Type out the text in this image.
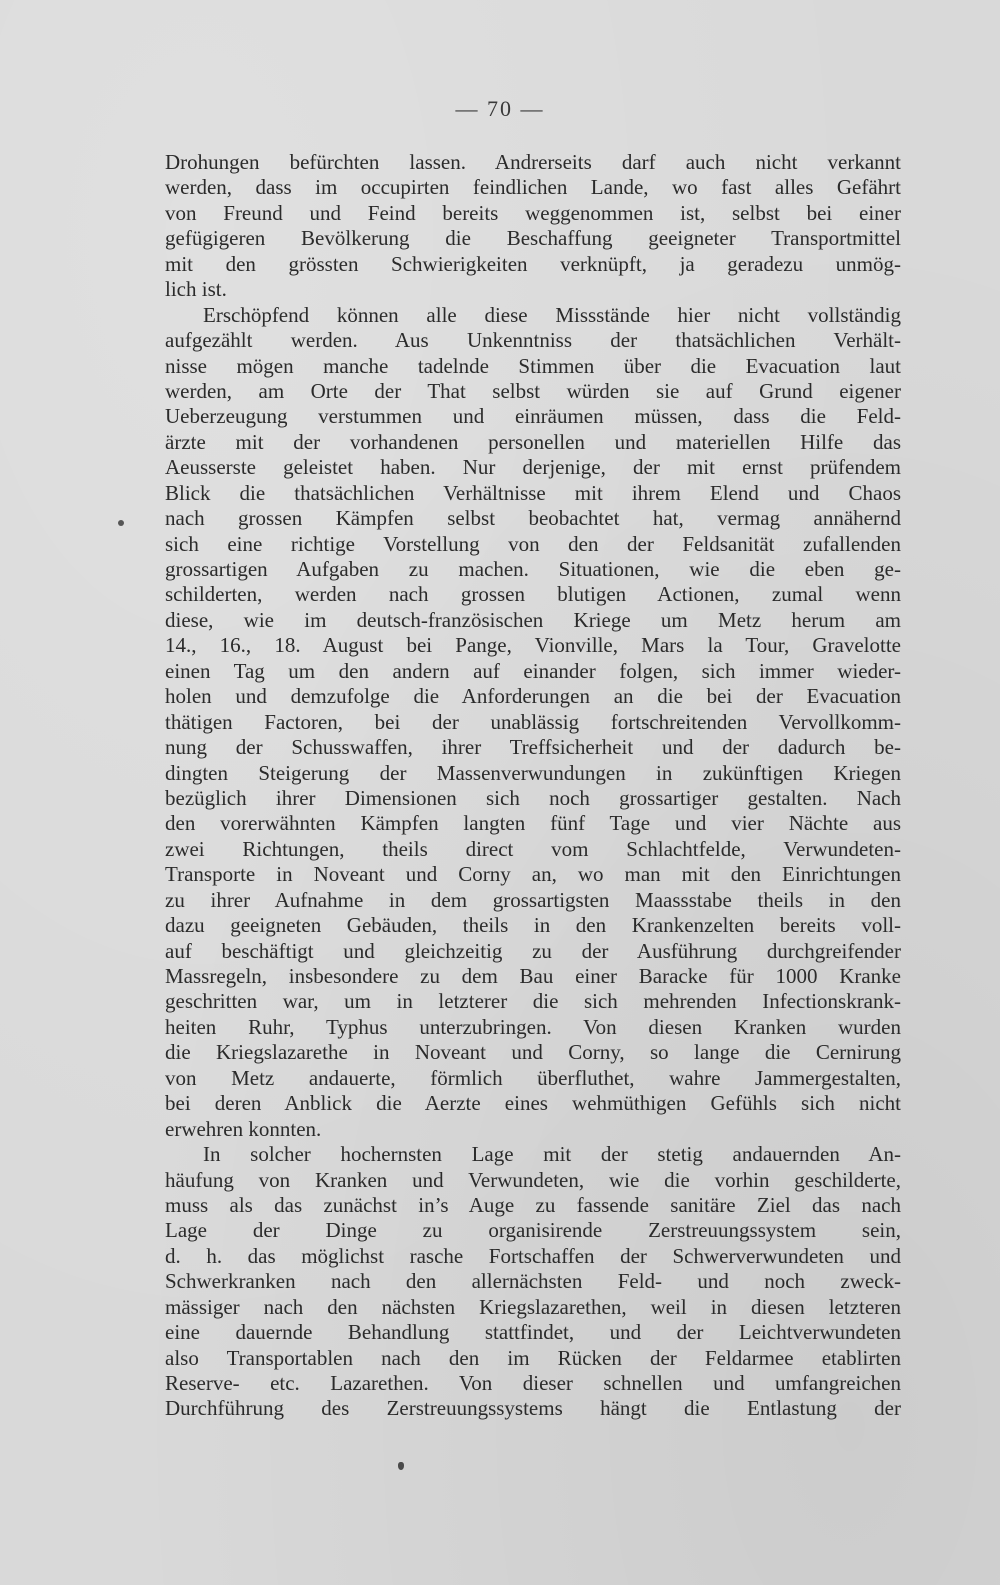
— 70 —
Drohungen befürchten lassen. Andrerseits darf auch nicht verkannt
werden, dass im occupirten feindlichen Lande, wo fast alles Gefährt
von Freund und Feind bereits weggenommen ist, selbst bei einer
gefügigeren Bevölkerung die Beschaffung geeigneter Transportmittel
mit den grössten Schwierigkeiten verknüpft, ja geradezu unmög-
lich ist.
Erschöpfend können alle diese Missstände hier nicht vollständig
aufgezählt werden. Aus Unkenntniss der thatsächlichen Verhält-
nisse mögen manche tadelnde Stimmen über die Evacuation laut
werden, am Orte der That selbst würden sie auf Grund eigener
Ueberzeugung verstummen und einräumen müssen, dass die Feld-
ärzte mit der vorhandenen personellen und materiellen Hilfe das
Aeusserste geleistet haben. Nur derjenige, der mit ernst prüfendem
Blick die thatsächlichen Verhältnisse mit ihrem Elend und Chaos
nach grossen Kämpfen selbst beobachtet hat, vermag annähernd
sich eine richtige Vorstellung von den der Feldsanität zufallenden
grossartigen Aufgaben zu machen. Situationen, wie die eben ge-
schilderten, werden nach grossen blutigen Actionen, zumal wenn
diese, wie im deutsch-französischen Kriege um Metz herum am
14., 16., 18. August bei Pange, Vionville, Mars la Tour, Gravelotte
einen Tag um den andern auf einander folgen, sich immer wieder-
holen und demzufolge die Anforderungen an die bei der Evacuation
thätigen Factoren, bei der unablässig fortschreitenden Vervollkomm-
nung der Schusswaffen, ihrer Treffsicherheit und der dadurch be-
dingten Steigerung der Massenverwundungen in zukünftigen Kriegen
bezüglich ihrer Dimensionen sich noch grossartiger gestalten. Nach
den vorerwähnten Kämpfen langten fünf Tage und vier Nächte aus
zwei Richtungen, theils direct vom Schlachtfelde, Verwundeten-
Transporte in Noveant und Corny an, wo man mit den Einrichtungen
zu ihrer Aufnahme in dem grossartigsten Maassstabe theils in den
dazu geeigneten Gebäuden, theils in den Krankenzelten bereits voll-
auf beschäftigt und gleichzeitig zu der Ausführung durchgreifender
Massregeln, insbesondere zu dem Bau einer Baracke für 1000 Kranke
geschritten war, um in letzterer die sich mehrenden Infectionskrank-
heiten Ruhr, Typhus unterzubringen. Von diesen Kranken wurden
die Kriegslazarethe in Noveant und Corny, so lange die Cernirung
von Metz andauerte, förmlich überfluthet, wahre Jammergestalten,
bei deren Anblick die Aerzte eines wehmüthigen Gefühls sich nicht
erwehren konnten.
In solcher hochernsten Lage mit der stetig andauernden An-
häufung von Kranken und Verwundeten, wie die vorhin geschilderte,
muss als das zunächst in’s Auge zu fassende sanitäre Ziel das nach
Lage der Dinge zu organisirende Zerstreuungssystem sein,
d. h. das möglichst rasche Fortschaffen der Schwerverwundeten und
Schwerkranken nach den allernächsten Feld- und noch zweck-
mässiger nach den nächsten Kriegslazarethen, weil in diesen letzteren
eine dauernde Behandlung stattfindet, und der Leichtverwundeten
also Transportablen nach den im Rücken der Feldarmee etablirten
Reserve- etc. Lazarethen. Von dieser schnellen und umfangreichen
Durchführung des Zerstreuungssystems hängt die Entlastung der
